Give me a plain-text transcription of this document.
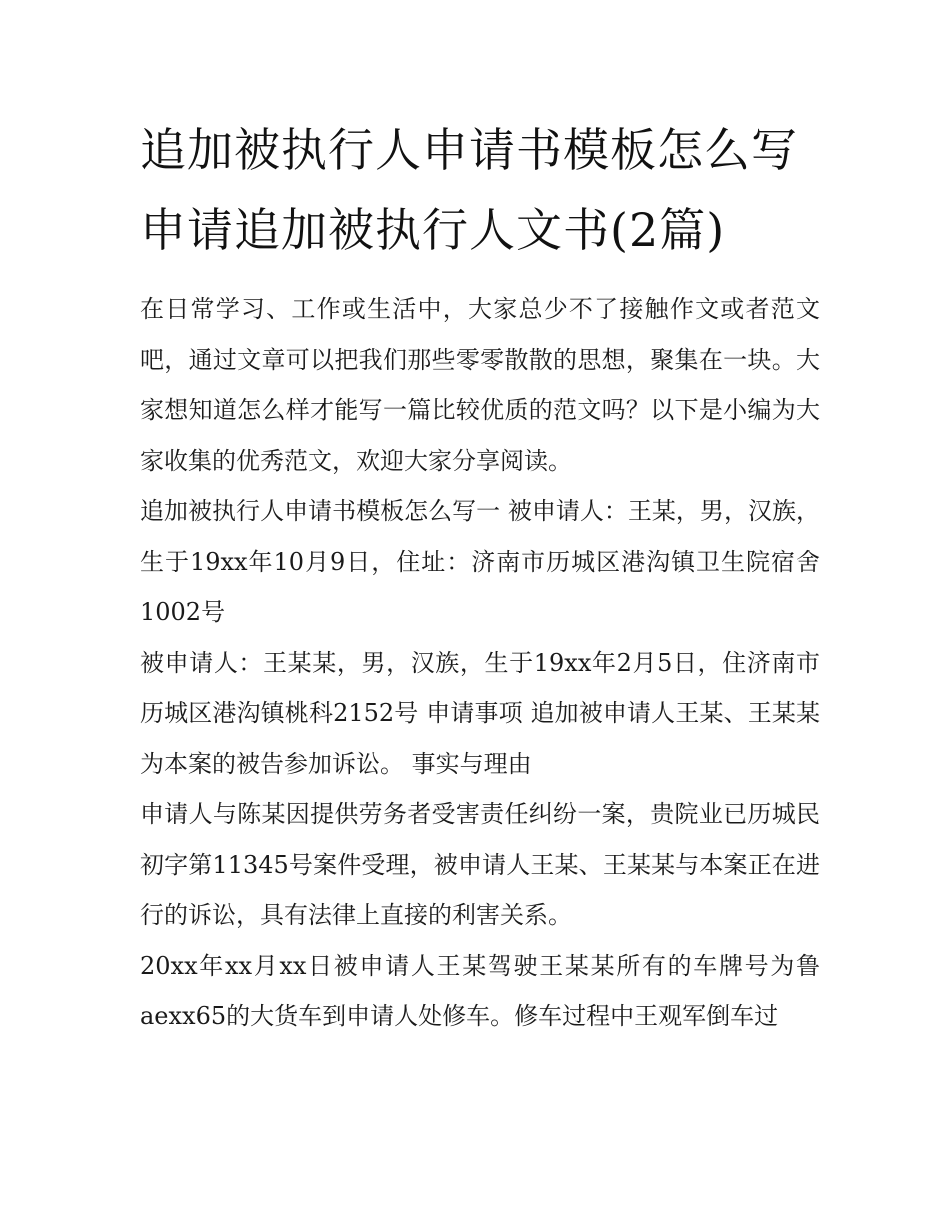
追加被执行人申请书模板怎么写 申请追加被执行人文书(2篇)

在日常学习、工作或生活中，大家总少不了接触作文或者范文吧，通过文章可以把我们那些零零散散的思想，聚集在一块。大家想知道怎么样才能写一篇比较优质的范文吗？以下是小编为大家收集的优秀范文，欢迎大家分享阅读。

追加被执行人申请书模板怎么写一 被申请人：王某，男，汉族，生于19xx年10月9日，住址：济南市历城区港沟镇卫生院宿舍1002号

被申请人：王某某，男，汉族，生于19xx年2月5日，住济南市历城区港沟镇桃科2152号 申请事项 追加被申请人王某、王某某为本案的被告参加诉讼。 事实与理由

申请人与陈某因提供劳务者受害责任纠纷一案，贵院业已历城民初字第11345号案件受理，被申请人王某、王某某与本案正在进行的诉讼，具有法律上直接的利害关系。

20xx年xx月xx日被申请人王某驾驶王某某所有的车牌号为鲁aexx65的大货车到申请人处修车。修车过程中王观军倒车过
